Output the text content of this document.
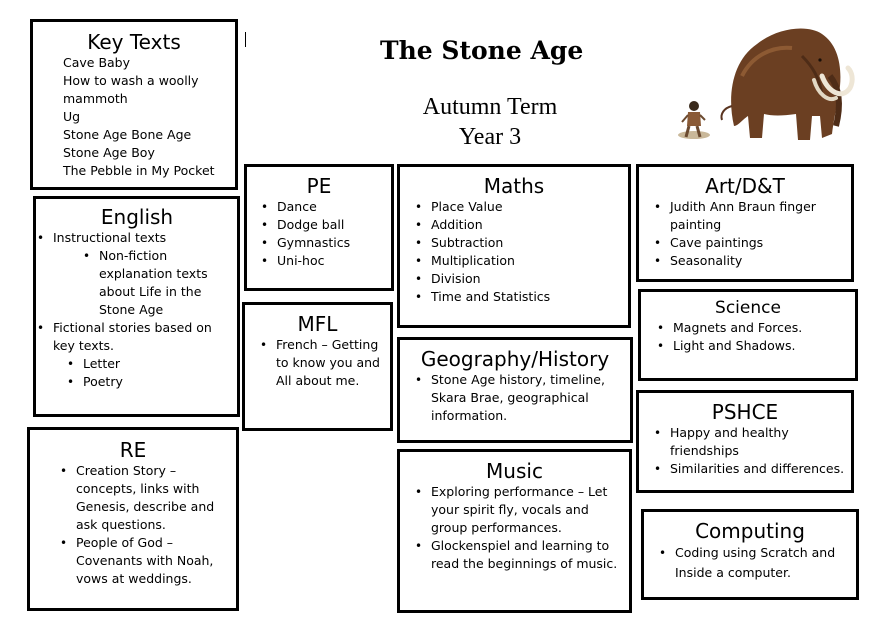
The Stone Age
Autumn Term
Year 3
Key Texts
Cave Baby
How to wash a woolly
mammoth
Ug
Stone Age Bone Age
Stone Age Boy
The Pebble in My Pocket
English
• Instructional texts
• Non-fiction explanation texts about Life in the Stone Age
• Fictional stories based on key texts.
• Letter
• Poetry
RE
• Creation Story – concepts, links with Genesis, describe and ask questions.
• People of God – Covenants with Noah, vows at weddings.
PE
• Dance
• Dodge ball
• Gymnastics
• Uni-hoc
MFL
• French – Getting to know you and All about me.
Maths
• Place Value
• Addition
• Subtraction
• Multiplication
• Division
• Time and Statistics
Geography/History
• Stone Age history, timeline, Skara Brae, geographical information.
Music
• Exploring performance – Let your spirit fly, vocals and group performances.
• Glockenspiel and learning to read the beginnings of music.
Art/D&T
• Judith Ann Braun finger painting
• Cave paintings
• Seasonality
Science
• Magnets and Forces.
• Light and Shadows.
PSHCE
• Happy and healthy friendships
• Similarities and differences.
Computing
• Coding using Scratch and Inside a computer.
